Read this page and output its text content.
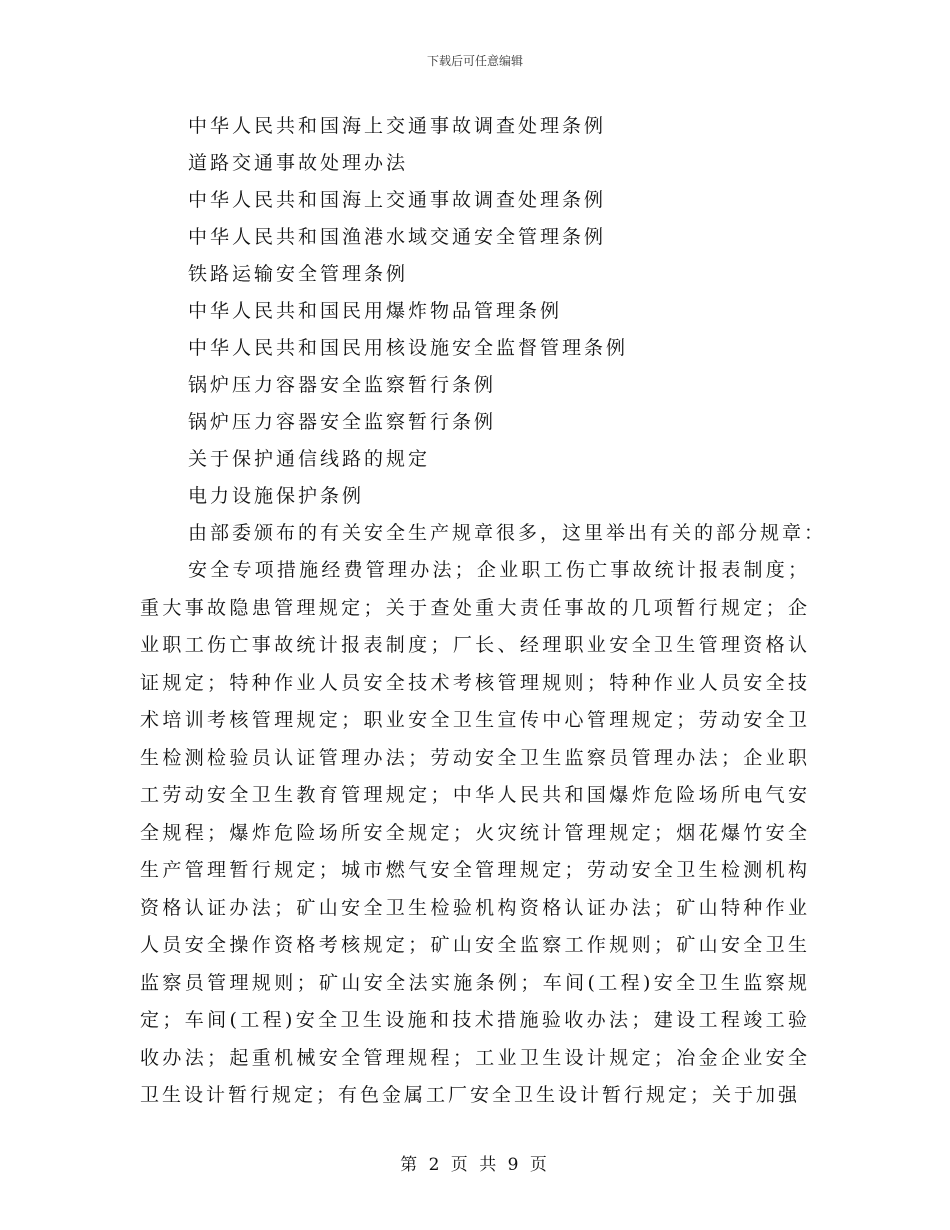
下载后可任意编辑
中华人民共和国海上交通事故调查处理条例
道路交通事故处理办法
中华人民共和国海上交通事故调查处理条例
中华人民共和国渔港水域交通安全管理条例
铁路运输安全管理条例
中华人民共和国民用爆炸物品管理条例
中华人民共和国民用核设施安全监督管理条例
锅炉压力容器安全监察暂行条例
锅炉压力容器安全监察暂行条例
关于保护通信线路的规定
电力设施保护条例
由部委颁布的有关安全生产规章很多，这里举出有关的部分规章：

安全专项措施经费管理办法；企业职工伤亡事故统计报表制度；重大事故隐患管理规定；关于查处重大责任事故的几项暂行规定；企业职工伤亡事故统计报表制度；厂长、经理职业安全卫生管理资格认证规定；特种作业人员安全技术考核管理规则；特种作业人员安全技术培训考核管理规定；职业安全卫生宣传中心管理规定；劳动安全卫生检测检验员认证管理办法；劳动安全卫生监察员管理办法；企业职工劳动安全卫生教育管理规定；中华人民共和国爆炸危险场所电气安全规程；爆炸危险场所安全规定；火灾统计管理规定；烟花爆竹安全生产管理暂行规定；城市燃气安全管理规定；劳动安全卫生检测机构资格认证办法；矿山安全卫生检验机构资格认证办法；矿山特种作业人员安全操作资格考核规定；矿山安全监察工作规则；矿山安全卫生监察员管理规则；矿山安全法实施条例；车间(工程)安全卫生监察规定；车间(工程)安全卫生设施和技术措施验收办法；建设工程竣工验收办法；起重机械安全管理规程；工业卫生设计规定；冶金企业安全卫生设计暂行规定；有色金属工厂安全卫生设计暂行规定；关于加强

第 2 页 共 9 页
